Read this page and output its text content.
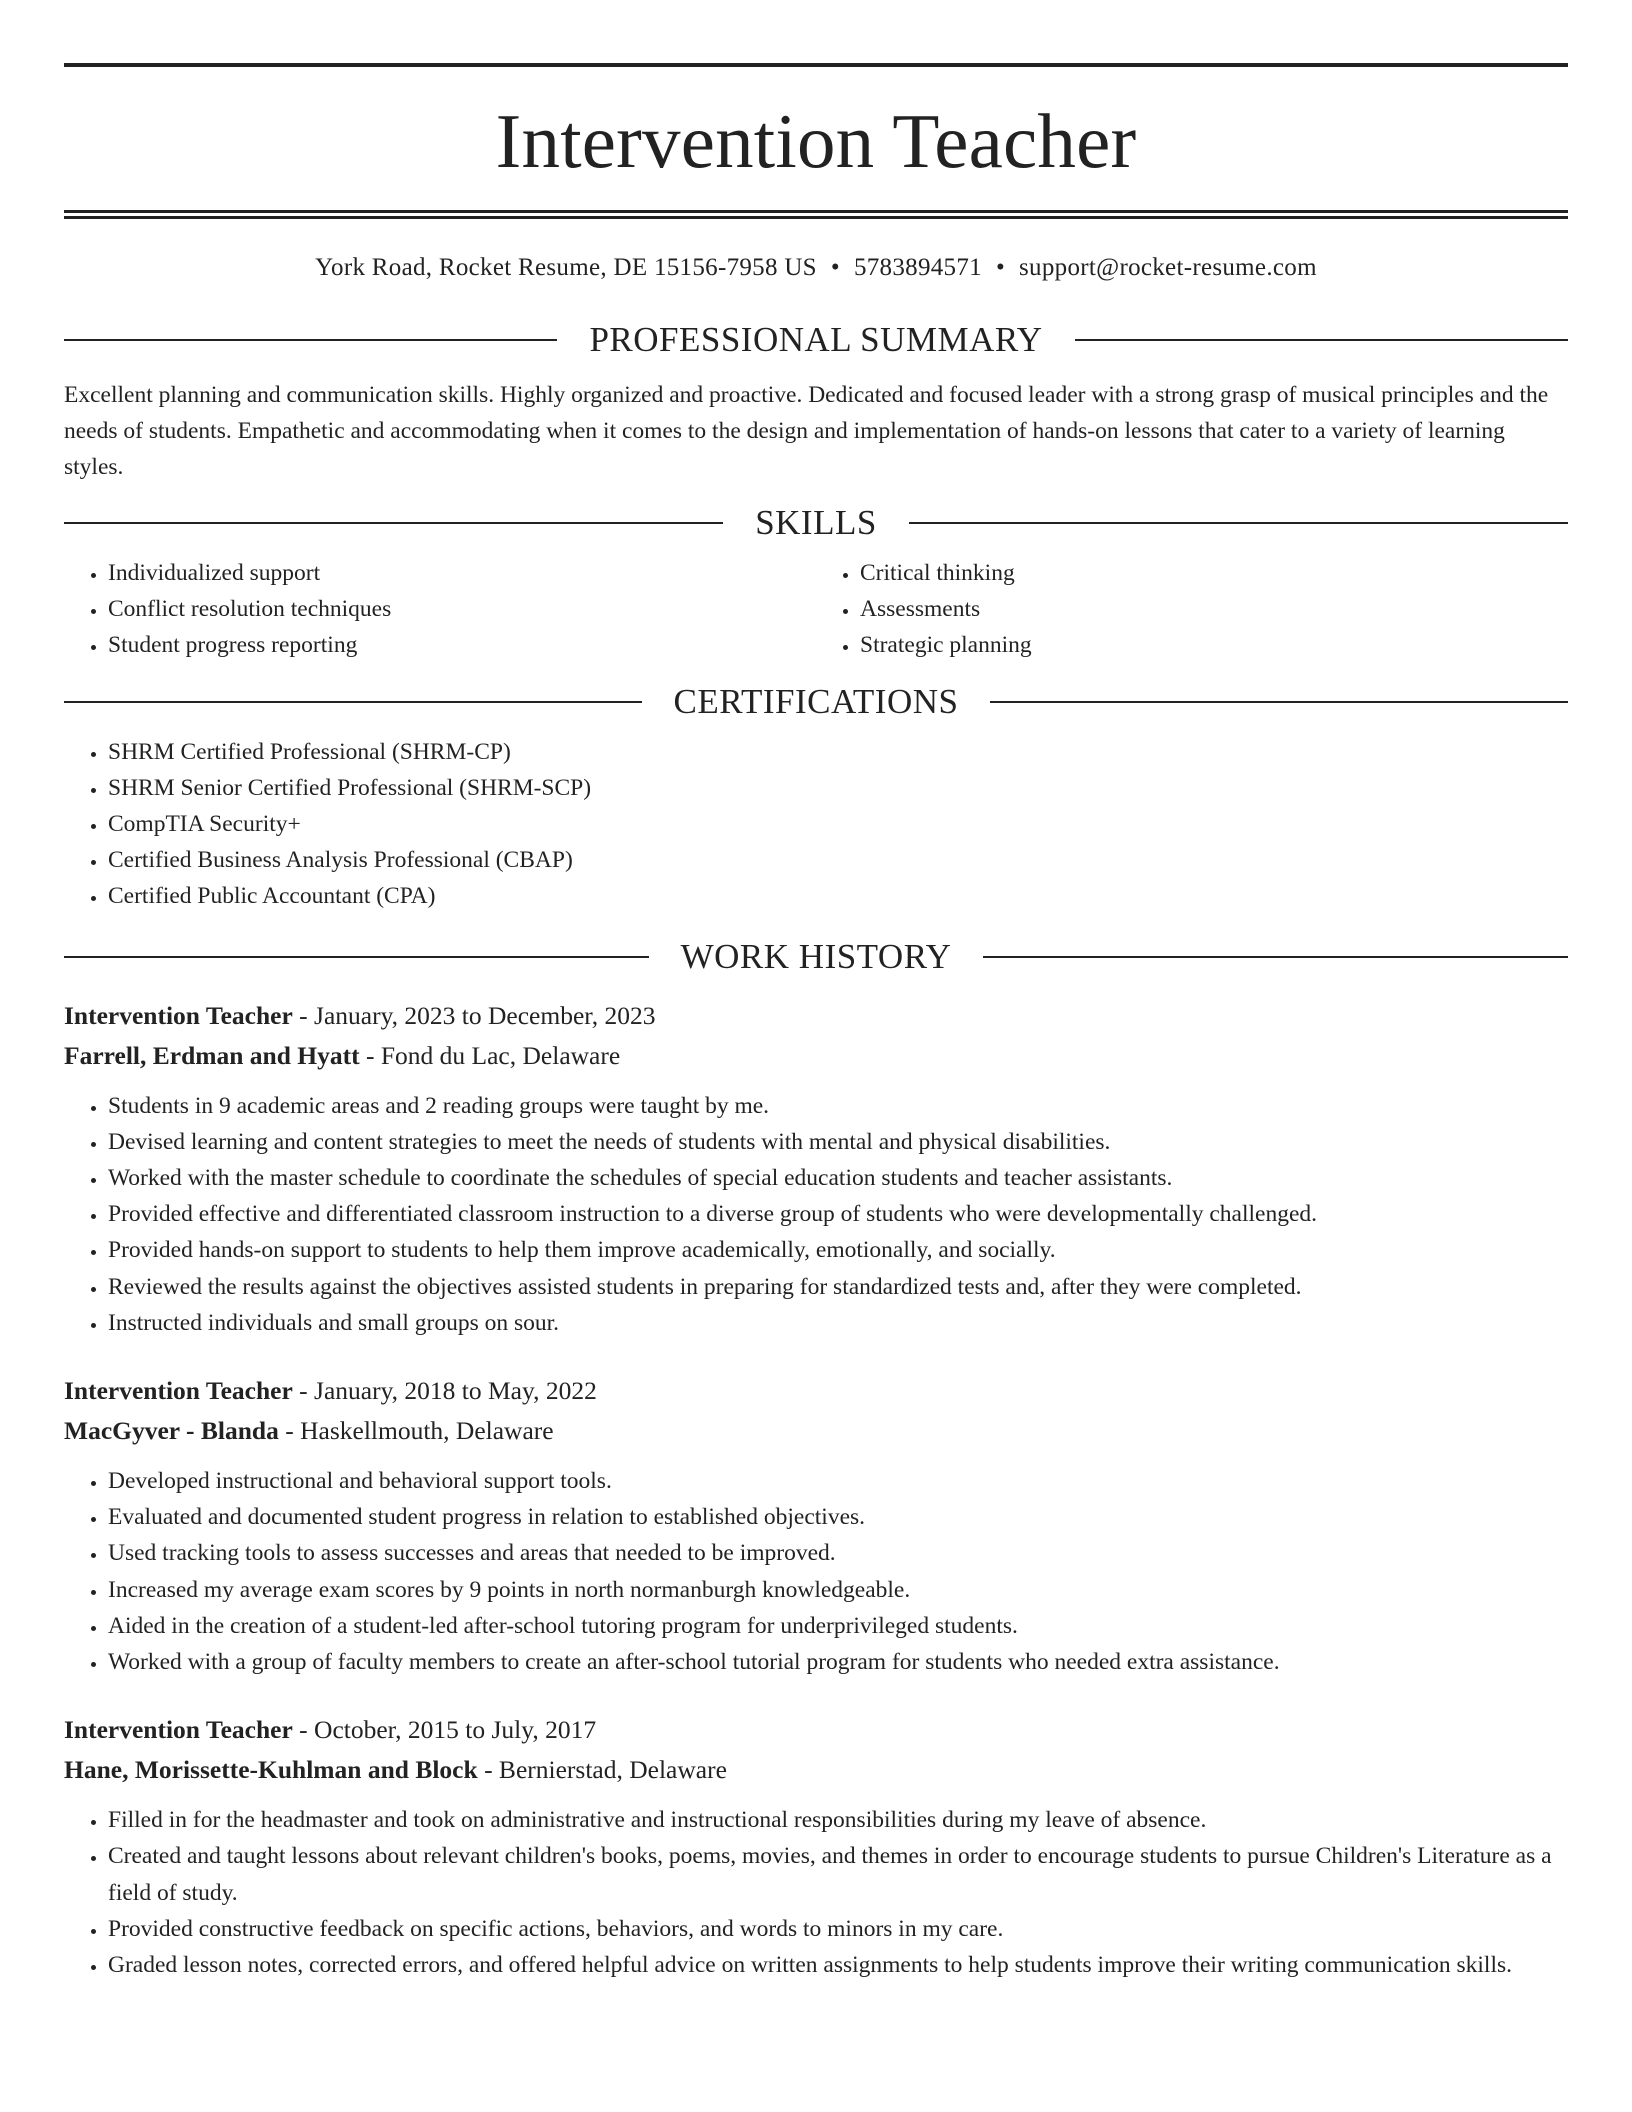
Intervention Teacher
York Road, Rocket Resume, DE 15156-7958 US • 5783894571 • support@rocket-resume.com
PROFESSIONAL SUMMARY

Excellent planning and communication skills. Highly organized and proactive. Dedicated and focused leader with a strong grasp of musical principles and the needs of students. Empathetic and accommodating when it comes to the design and implementation of hands-on lessons that cater to a variety of learning styles.

SKILLS
• Individualized support
• Conflict resolution techniques
• Student progress reporting
• Critical thinking
• Assessments
• Strategic planning
CERTIFICATIONS
• SHRM Certified Professional (SHRM-CP)
• SHRM Senior Certified Professional (SHRM-SCP)
• CompTIA Security+
• Certified Business Analysis Professional (CBAP)
• Certified Public Accountant (CPA)
WORK HISTORY
Intervention Teacher - January, 2023 to December, 2023
Farrell, Erdman and Hyatt - Fond du Lac, Delaware
• Students in 9 academic areas and 2 reading groups were taught by me.
• Devised learning and content strategies to meet the needs of students with mental and physical disabilities.
• Worked with the master schedule to coordinate the schedules of special education students and teacher assistants.
• Provided effective and differentiated classroom instruction to a diverse group of students who were developmentally challenged.
• Provided hands-on support to students to help them improve academically, emotionally, and socially.
• Reviewed the results against the objectives assisted students in preparing for standardized tests and, after they were completed.
• Instructed individuals and small groups on sour.
Intervention Teacher - January, 2018 to May, 2022
MacGyver - Blanda - Haskellmouth, Delaware
• Developed instructional and behavioral support tools.
• Evaluated and documented student progress in relation to established objectives.
• Used tracking tools to assess successes and areas that needed to be improved.
• Increased my average exam scores by 9 points in north normanburgh knowledgeable.
• Aided in the creation of a student-led after-school tutoring program for underprivileged students.
• Worked with a group of faculty members to create an after-school tutorial program for students who needed extra assistance.
Intervention Teacher - October, 2015 to July, 2017
Hane, Morissette-Kuhlman and Block - Bernierstad, Delaware
• Filled in for the headmaster and took on administrative and instructional responsibilities during my leave of absence.
• Created and taught lessons about relevant children's books, poems, movies, and themes in order to encourage students to pursue Children's Literature as a field of study.
• Provided constructive feedback on specific actions, behaviors, and words to minors in my care.
• Graded lesson notes, corrected errors, and offered helpful advice on written assignments to help students improve their writing communication skills.
